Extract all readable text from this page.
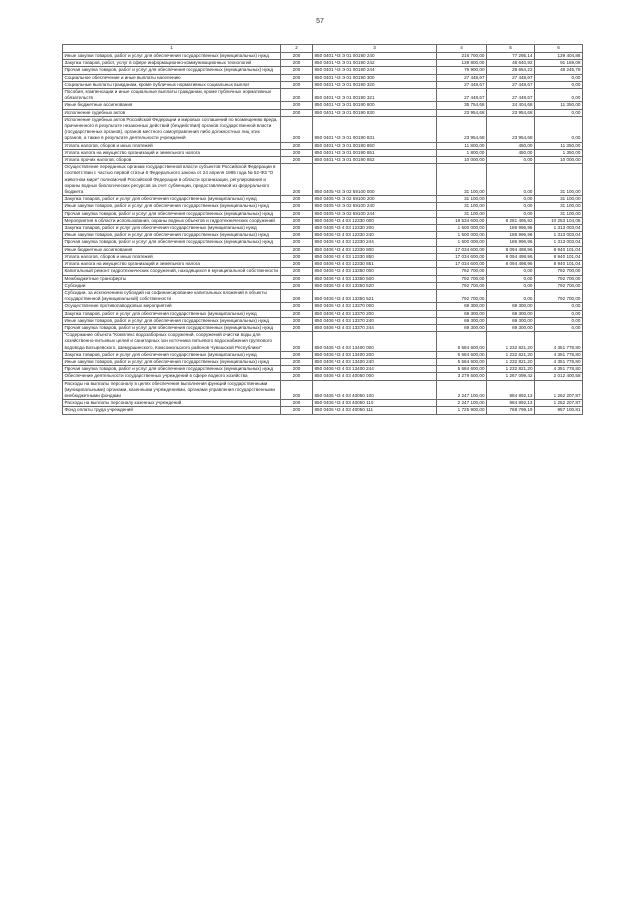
57
1	2	3	4	5	6
Иные закупки товаров, работ и услуг для обеспечения государственных (муниципальных) нужд	200	850 0401 Ч3 Э 01 00190 240	216 700,00	77 295,14	139 404,86
Закупка товаров, работ, услуг в сфере информационно-коммуникационных технологий	200	850 0401 Ч3 Э 01 00190 242	139 800,00	48 640,92	91 159,08
Прочая закупка товаров, работ и услуг для обеспечения государственных (муниципальных) нужд	200	850 0401 Ч3 Э 01 00190 244	76 900,00	28 654,22	48 245,78
Социальное обеспечение и иные выплаты населению	200	850 0401 Ч3 Э 01 00190 300	27 448,67	27 448,67	0,00
Социальные выплаты гражданам, кроме публичных нормативных социальных выплат	200	850 0401 Ч3 Э 01 00190 320	27 448,67	27 448,67	0,00
Пособия, компенсации и иные социальные выплаты гражданам, кроме публичных нормативных обязательств	200	850 0401 Ч3 Э 01 00190 321	27 448,67	27 448,67	0,00
Иные бюджетные ассигнования	200	850 0401 Ч3 Э 01 00190 800	35 754,68	24 404,68	11 350,00
Исполнение судебных актов	200	850 0401 Ч3 Э 01 00190 830	23 954,68	23 954,68	0,00
Исполнение судебных актов Российской Федерации и мировых соглашений по возмещению вреда, причиненного в результате незаконных действий (бездействия) органов государственной власти (государственных органов), органов местного самоуправления либо должностных лиц этих органов, а также в результате деятельности учреждений	200	850 0401 Ч3 Э 01 00190 831	23 954,68	23 954,68	0,00
Уплата налогов, сборов и иных платежей	200	850 0401 Ч3 Э 01 00190 850	11 800,00	450,00	11 350,00
Уплата налога на имущество организаций и земельного налога	200	850 0401 Ч3 Э 01 00190 851	1 800,00	450,00	1 350,00
Уплата прочих налогов, сборов	200	850 0401 Ч3 Э 01 00190 852	10 000,00	0,00	10 000,00
Осуществление переданных органам государственной власти субъектов Российской Федерации в соответствии с частью первой статьи 6 Федерального закона от 24 апреля 1995 года № 52-ФЗ "О животном мире" полномочий Российской Федерации в области организации, регулирования и охраны водных биологических ресурсов за счет субвенции, предоставляемой из федерального бюджета	200	850 0405 Ч3 Э 02 59100 000	31 100,00	0,00	31 100,00
Закупка товаров, работ и услуг для обеспечения государственных (муниципальных) нужд	200	850 0405 Ч3 Э 02 59100 200	31 100,00	0,00	31 100,00
Иные закупки товаров, работ и услуг для обеспечения государственных (муниципальных) нужд	200	850 0405 Ч3 Э 02 59100 240	31 100,00	0,00	31 100,00
Прочая закупка товаров, работ и услуг для обеспечения государственных (муниципальных) нужд	200	850 0405 Ч3 Э 02 59100 244	31 100,00	0,00	31 100,00
Мероприятия в области использования, охраны водных объектов и гидротехнических сооружений	200	850 0406 Ч3 4 03 12330 000	18 534 600,00	8 281 495,92	10 253 104,08
Закупка товаров, работ и услуг для обеспечения государственных (муниципальных) нужд	200	850 0406 Ч3 4 03 12330 200	1 500 000,00	186 996,96	1 313 003,04
Иные закупки товаров, работ и услуг для обеспечения государственных (муниципальных) нужд	200	850 0406 Ч3 4 03 12330 240	1 500 000,00	186 996,96	1 313 003,04
Прочая закупка товаров, работ и услуг для обеспечения государственных (муниципальных) нужд	200	850 0406 Ч3 4 03 12330 244	1 500 000,00	186 996,96	1 313 003,04
Иные бюджетные ассигнования	200	850 0406 Ч3 4 03 12330 800	17 034 600,00	8 094 498,96	8 940 101,04
Уплата налогов, сборов и иных платежей	200	850 0406 Ч3 4 03 12330 850	17 034 600,00	8 094 498,96	8 940 101,04
Уплата налога на имущество организаций и земельного налога	200	850 0406 Ч3 4 03 12330 851	17 034 600,00	8 094 498,96	8 940 101,04
Капитальный ремонт гидротехнических сооружений, находящихся в муниципальной собственности	200	850 0406 Ч3 4 03 13350 000	792 700,00	0,00	792 700,00
Межбюджетные трансферты	200	850 0406 Ч3 4 03 13350 500	792 700,00	0,00	792 700,00
Субсидии	200	850 0406 Ч3 4 03 13350 520	792 700,00	0,00	792 700,00
Субсидии, за исключением субсидий на софинансирование капитальных вложений в объекты государственной (муниципальной) собственности	200	850 0406 Ч3 4 03 13350 521	792 700,00	0,00	792 700,00
Осуществление противопаводковых мероприятий	200	850 0406 Ч3 4 03 13370 000	69 300,00	69 300,00	0,00
Закупка товаров, работ и услуг для обеспечения государственных (муниципальных) нужд	200	850 0406 Ч3 4 03 13370 200	69 300,00	69 300,00	0,00
Иные закупки товаров, работ и услуг для обеспечения государственных (муниципальных) нужд	200	850 0406 Ч3 4 03 13370 240	69 300,00	69 300,00	0,00
Прочая закупка товаров, работ и услуг для обеспечения государственных (муниципальных) нужд	200	850 0406 Ч3 4 03 13370 244	69 300,00	69 300,00	0,00
"Содержание объекта "Комплекс водозаборных сооружений, сооружений очистки воды для хозяйственно-питьевых целей и санитарных зон источника питьевого водоснабжения группового водовода Батыревского, Шемуршинского, Комсомольского районов Чувашской Республики"	200	850 0406 Ч3 4 03 13400 000	5 584 600,00	1 232 821,20	4 351 778,80
Закупка товаров, работ и услуг для обеспечения государственных (муниципальных) нужд	200	850 0406 Ч3 4 03 13400 200	5 584 600,00	1 232 821,20	4 351 778,80
Иные закупки товаров, работ и услуг для обеспечения государственных (муниципальных) нужд	200	850 0406 Ч3 4 03 13400 240	5 584 600,00	1 232 821,20	4 351 778,80
Прочая закупка товаров, работ и услуг для обеспечения государственных (муниципальных) нужд	200	850 0406 Ч3 4 03 13400 244	5 584 600,00	1 232 821,20	4 351 778,80
Обеспечение деятельности государственных учреждений в сфере водного хозяйства	200	850 0406 Ч3 4 03 40050 000	3 279 500,00	1 267 099,42	2 012 400,58
Расходы на выплаты персоналу в целях обеспечения выполнения функций государственными (муниципальными) органами, казенными учреждениями, органами управления государственными внебюджетными фондами	200	850 0406 Ч3 4 03 40050 100	2 247 100,00	984 892,13	1 262 207,87
Расходы на выплаты персоналу казенных учреждений	200	850 0406 Ч3 4 03 40050 110	2 247 100,00	984 892,13	1 262 207,87
Фонд оплаты труда учреждений	200	850 0406 Ч3 4 03 40050 111	1 725 900,00	768 799,19	957 100,81
